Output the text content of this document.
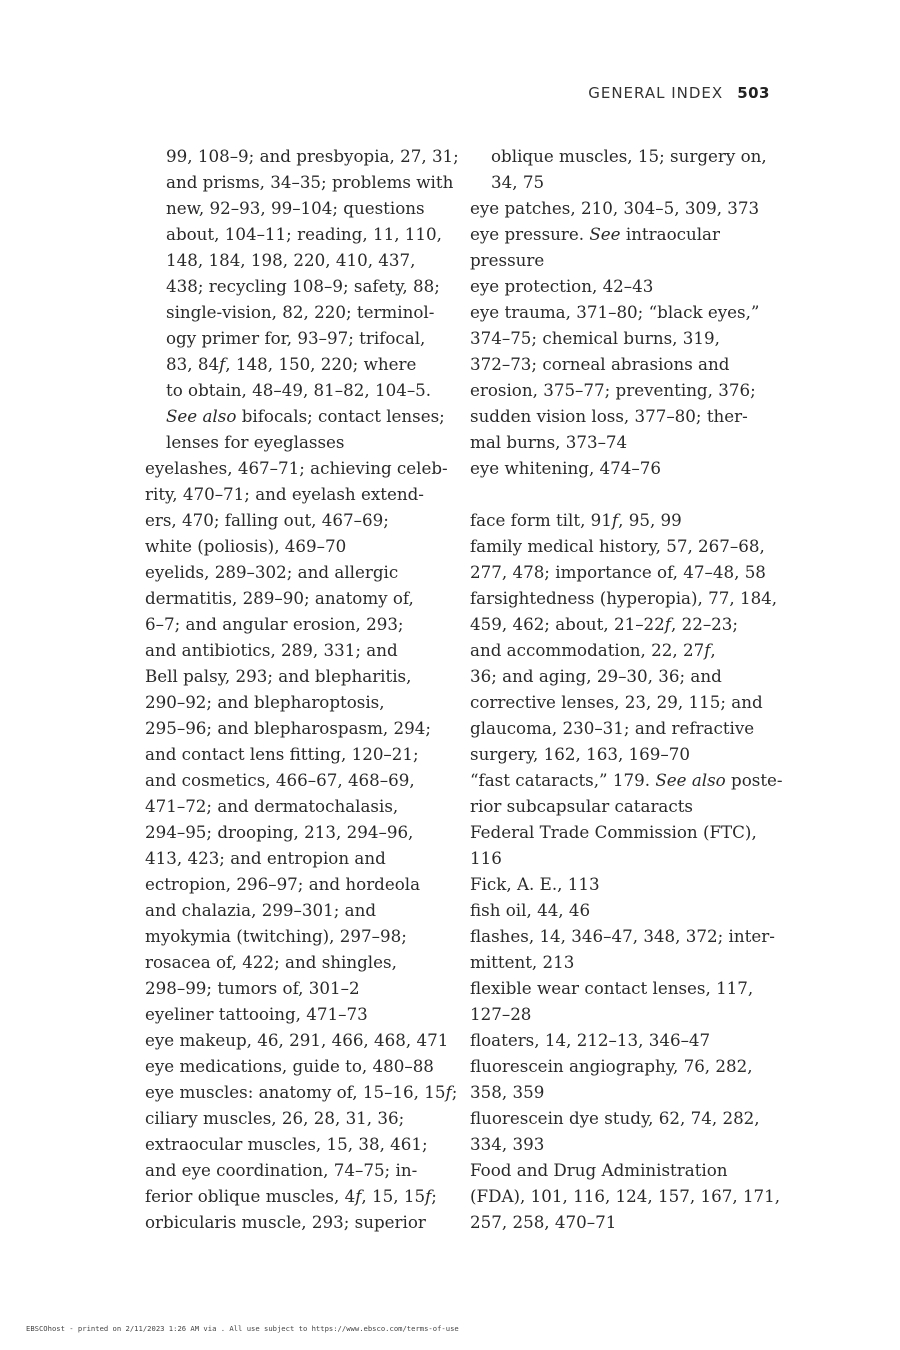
GENERAL INDEX 503
99, 108–9; and presbyopia, 27, 31;
and prisms, 34–35; problems with
new, 92–93, 99–104; questions
about, 104–11; reading, 11, 110,
148, 184, 198, 220, 410, 437,
438; recycling 108–9; safety, 88;
single-vision, 82, 220; terminol-
ogy primer for, 93–97; trifocal,
83, 84f, 148, 150, 220; where
to obtain, 48–49, 81–82, 104–5.
See also bifocals; contact lenses;
lenses for eyeglasses
eyelashes, 467–71; achieving celeb-
rity, 470–71; and eyelash extend-
ers, 470; falling out, 467–69;
white (poliosis), 469–70
eyelids, 289–302; and allergic
dermatitis, 289–90; anatomy of,
6–7; and angular erosion, 293;
and antibiotics, 289, 331; and
Bell palsy, 293; and blepharitis,
290–92; and blepharoptosis,
295–96; and blepharospasm, 294;
and contact lens fitting, 120–21;
and cosmetics, 466–67, 468–69,
471–72; and dermatochalasis,
294–95; drooping, 213, 294–96,
413, 423; and entropion and
ectropion, 296–97; and hordeola
and chalazia, 299–301; and
myokymia (twitching), 297–98;
rosacea of, 422; and shingles,
298–99; tumors of, 301–2
eyeliner tattooing, 471–73
eye makeup, 46, 291, 466, 468, 471
eye medications, guide to, 480–88
eye muscles: anatomy of, 15–16, 15f;
ciliary muscles, 26, 28, 31, 36;
extraocular muscles, 15, 38, 461;
and eye coordination, 74–75; in-
ferior oblique muscles, 4f, 15, 15f;
orbicularis muscle, 293; superior
oblique muscles, 15; surgery on,
34, 75
eye patches, 210, 304–5, 309, 373
eye pressure. See intraocular
pressure
eye protection, 42–43
eye trauma, 371–80; “black eyes,”
374–75; chemical burns, 319,
372–73; corneal abrasions and
erosion, 375–77; preventing, 376;
sudden vision loss, 377–80; ther-
mal burns, 373–74
eye whitening, 474–76
face form tilt, 91f, 95, 99
family medical history, 57, 267–68,
277, 478; importance of, 47–48, 58
farsightedness (hyperopia), 77, 184,
459, 462; about, 21–22f, 22–23;
and accommodation, 22, 27f,
36; and aging, 29–30, 36; and
corrective lenses, 23, 29, 115; and
glaucoma, 230–31; and refractive
surgery, 162, 163, 169–70
“fast cataracts,” 179. See also poste-
rior subcapsular cataracts
Federal Trade Commission (FTC),
116
Fick, A. E., 113
fish oil, 44, 46
flashes, 14, 346–47, 348, 372; inter-
mittent, 213
flexible wear contact lenses, 117,
127–28
floaters, 14, 212–13, 346–47
fluorescein angiography, 76, 282,
358, 359
fluorescein dye study, 62, 74, 282,
334, 393
Food and Drug Administration
(FDA), 101, 116, 124, 157, 167, 171,
257, 258, 470–71
EBSCOhost - printed on 2/11/2023 1:26 AM via . All use subject to https://www.ebsco.com/terms-of-use
